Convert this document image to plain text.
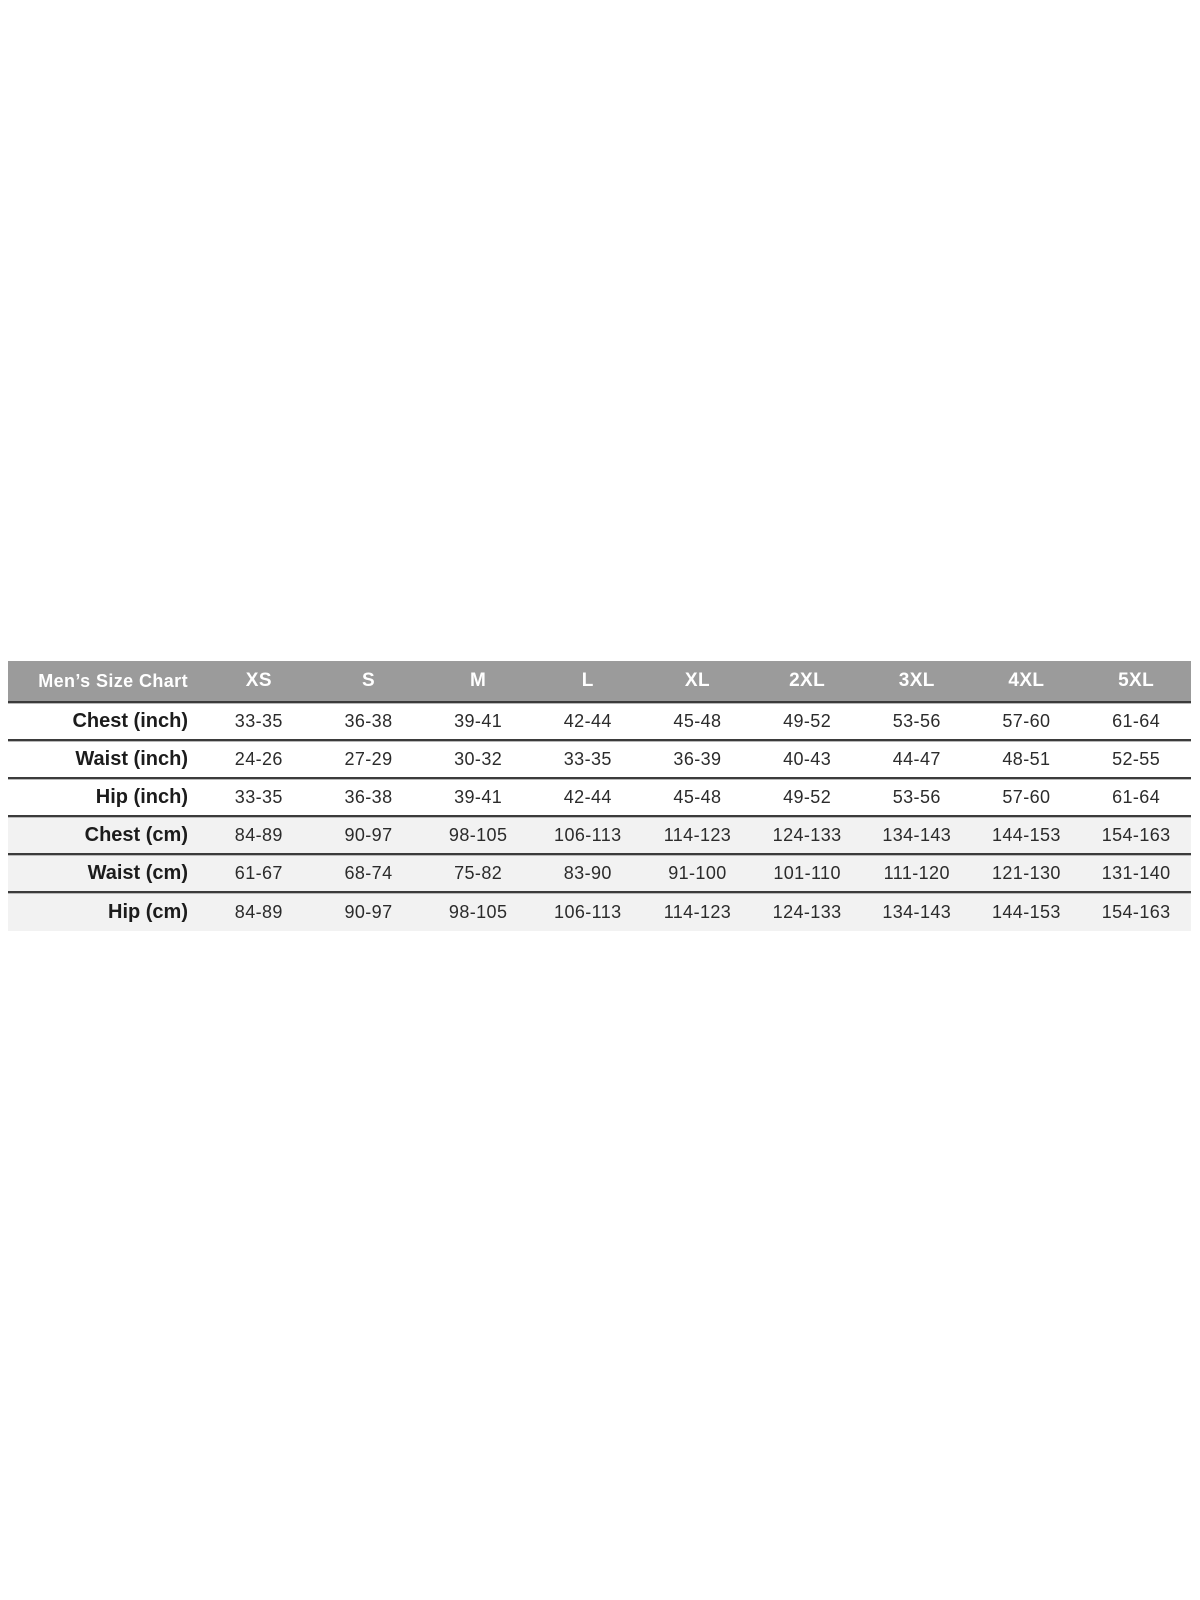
Men’s Size Chart	XS	S	M	L	XL	2XL	3XL	4XL	5XL
Chest (inch)	33-35	36-38	39-41	42-44	45-48	49-52	53-56	57-60	61-64
Waist (inch)	24-26	27-29	30-32	33-35	36-39	40-43	44-47	48-51	52-55
Hip (inch)	33-35	36-38	39-41	42-44	45-48	49-52	53-56	57-60	61-64
Chest (cm)	84-89	90-97	98-105	106-113	114-123	124-133	134-143	144-153	154-163
Waist (cm)	61-67	68-74	75-82	83-90	91-100	101-110	111-120	121-130	131-140
Hip (cm)	84-89	90-97	98-105	106-113	114-123	124-133	134-143	144-153	154-163
